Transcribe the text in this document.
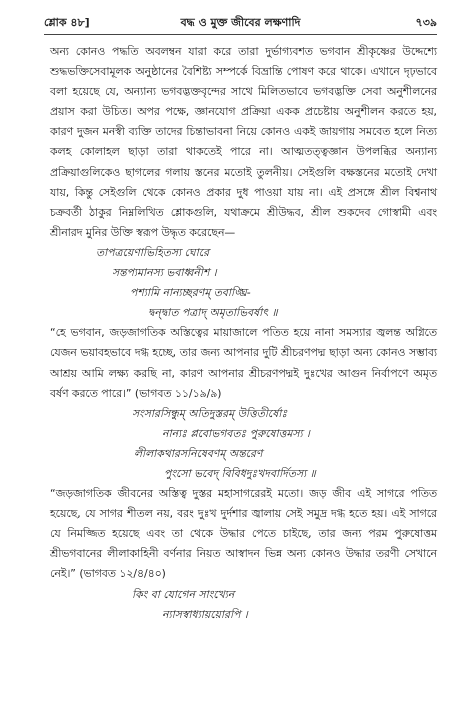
শ্লোক ৪৮]	বদ্ধ ও মুক্ত জীবের লক্ষণাদি	৭৩৯

অন্য কোনও পদ্ধতি অবলম্বন যারা করে তারা দুর্ভাগ্যবশত ভগবান শ্রীকৃষ্ণের উদ্দেশ্যে শুদ্ধভক্তিসেবামূলক অনুষ্ঠানের বৈশিষ্ট্য সম্পর্কে বিভ্রান্তি পোষণ করে থাকে। এখানে দৃঢ়ভাবে বলা হয়েছে যে, অন্যান্য ভগবদ্ভক্তবৃন্দের সাথে মিলিতভাবে ভগবদ্ভক্তি সেবা অনুশীলনের প্রয়াস করা উচিত। অপর পক্ষে, জ্ঞানযোগ প্রক্রিয়া একক প্রচেষ্টায় অনুশীলন করতে হয়, কারণ দুজন মনস্বী ব্যক্তি তাদের চিন্তাভাবনা নিয়ে কোনও একই জায়গায় সমবেত হলে নিত্য কলহ কোলাহল ছাড়া তারা থাকতেই পারে না। আত্মতত্ত্বজ্ঞান উপলব্ধির অন্যান্য প্রক্রিয়াগুলিকেও ছাগলের গলায় স্তনের মতোই তুলনীয়। সেইগুলি বক্ষস্তনের মতোই দেখা যায়, কিন্তু সেইগুলি থেকে কোনও প্রকার দুধ পাওয়া যায় না। এই প্রসঙ্গে শ্রীল বিশ্বনাথ চক্রবর্তী ঠাকুর নিম্নলিখিত শ্লোকগুলি, যথাক্রমে শ্রীউদ্ধব, শ্রীল শুকদেব গোস্বামী এবং শ্রীনারদ মুনির উক্তি স্বরূপ উদ্ধৃত করেছেন—

তাপত্রয়েণাভিহিতস্য ঘোরে

সন্তপ্যমানস্য ভবাধ্বনীশ ।

পশ্যামি নান্যচ্ছরণম্ তবাঙ্ঘ্রি-

দ্বন্দ্বাত পত্রাদ্ অমৃতাভিবর্ষাৎ ॥

“হে ভগবান, জড়জাগতিক অস্তিত্বের মায়াজালে পতিত হয়ে নানা সমস্যার জ্বলন্ত অগ্নিতে যেজন ভয়াবহভাবে দগ্ধ হচ্ছে, তার জন্য আপনার দুটি শ্রীচরণপদ্ম ছাড়া অন্য কোনও সম্ভাব্য আশ্রয় আমি লক্ষ্য করছি না, কারণ আপনার শ্রীচরণপদ্মই দুঃখের আগুন নির্বাপণে অমৃত বর্ষণ করতে পারে।” (ভাগবত ১১/১৯/৯)

সংসারসিন্ধুম্ অতিদুস্তরম্ উত্তিতীর্ষোঃ

নান্যঃ প্লবোভগবতঃ পুরুষোত্তমস্য ।

লীলাকথারসনিষেবণম্ অন্তরেণ

পুংসো ভবেদ্ বিবিধদুঃখদবার্দিতস্য ॥

“জড়জাগতিক জীবনের অস্তিত্ব দুস্তর মহাসাগরেরই মতো। জড় জীব এই সাগরে পতিত হয়েছে, যে সাগর শীতল নয়, বরং দুঃখ দুর্দশার জ্বালায় সেই সমুদ্র দগ্ধ হতে হয়। এই সাগরে যে নিমজ্জিত হয়েছে এবং তা থেকে উদ্ধার পেতে চাইছে, তার জন্য পরম পুরুষোত্তম শ্রীভগবানের লীলাকাহিনী বর্ণনার নিয়ত আস্বাদন ভিন্ন অন্য কোনও উদ্ধার তরণী সেখানে নেই।” (ভাগবত ১২/৪/৪০)

কিং বা যোগেন সাংখ্যেন

ন্যাসস্বাধ্যায়য়োরপি ।
